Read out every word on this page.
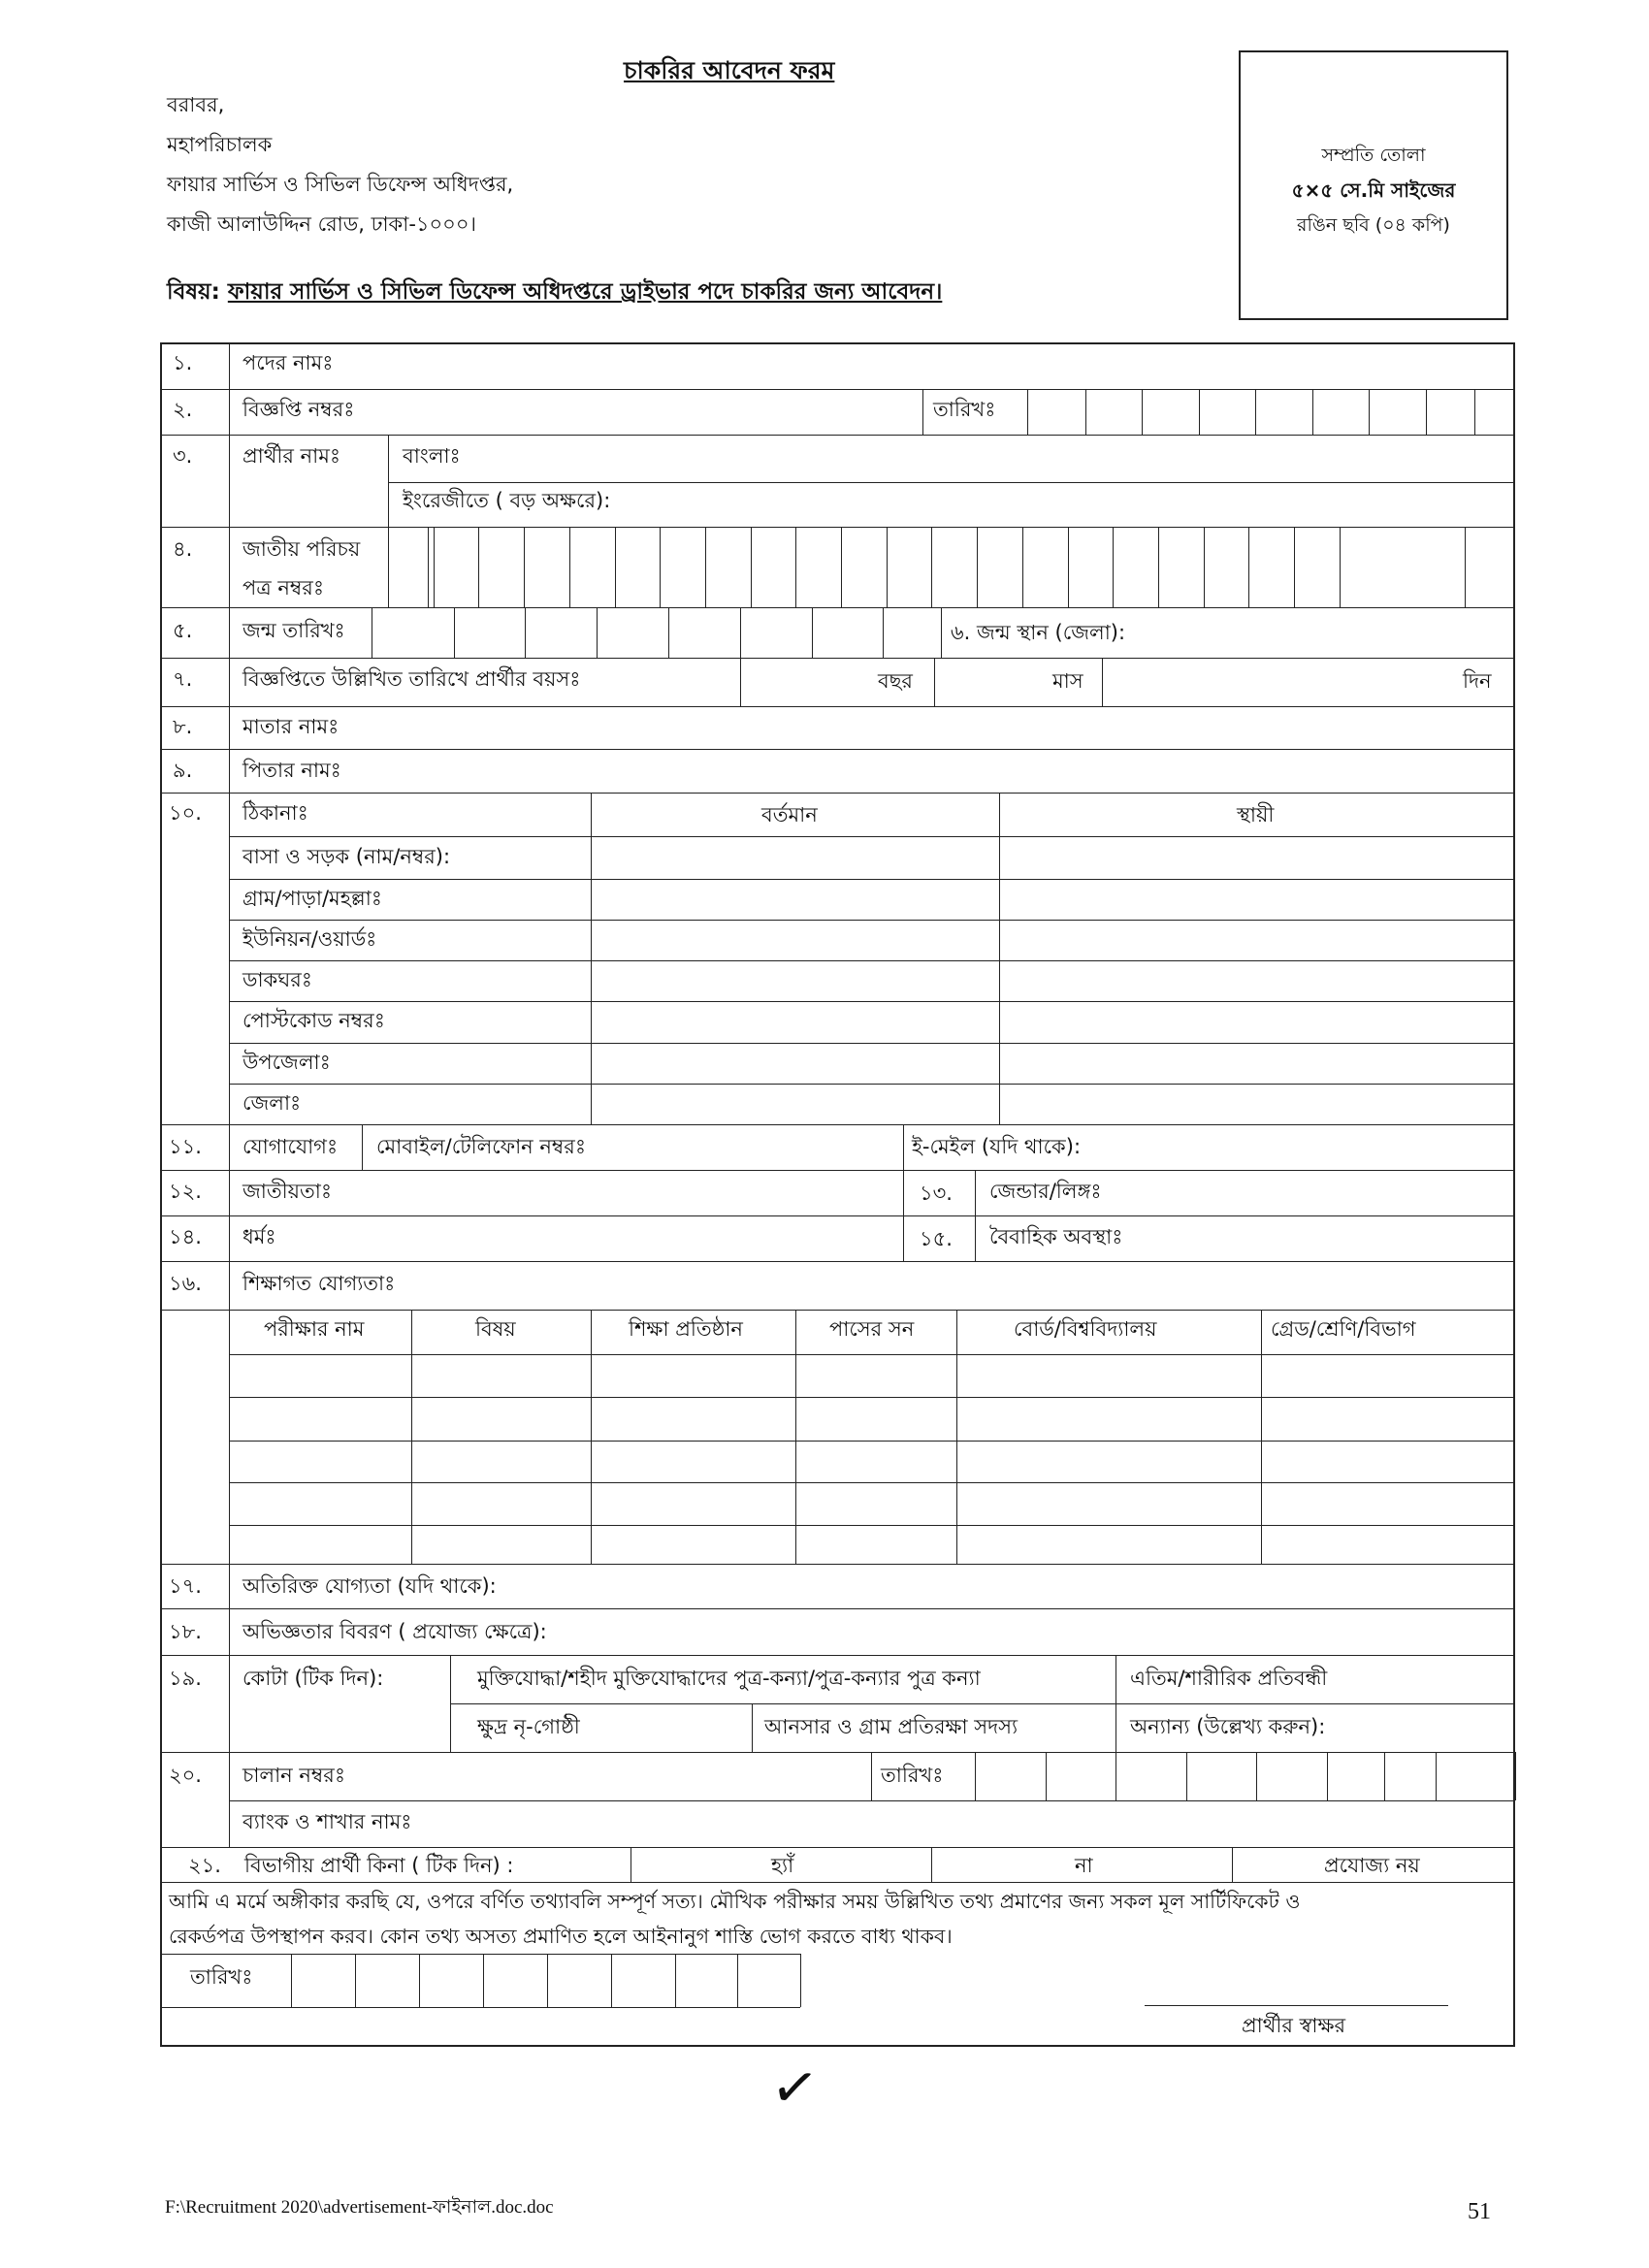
চাকরির আবেদন ফরম
বরাবর,
মহাপরিচালক
ফায়ার সার্ভিস ও সিভিল ডিফেন্স অধিদপ্তর,
কাজী আলাউদ্দিন রোড, ঢাকা-১০০০।
বিষয়: ফায়ার সার্ভিস ও সিভিল ডিফেন্স অধিদপ্তরে ড্রাইভার পদে চাকরির জন্য আবেদন।
সম্প্রতি তোলা
৫×৫ সে.মি সাইজের
রঙিন ছবি (০৪ কপি)
১. পদের নামঃ
২. বিজ্ঞপ্তি নম্বরঃ	তারিখঃ
৩. প্রার্থীর নামঃ	বাংলাঃ
ইংরেজীতে ( বড় অক্ষরে):
৪. জাতীয় পরিচয়
পত্র নম্বরঃ
৫. জন্ম তারিখঃ	৬. জন্ম স্থান (জেলা):
৭. বিজ্ঞপ্তিতে উল্লিখিত তারিখে প্রার্থীর বয়সঃ	বছর	মাস	দিন
৮. মাতার নামঃ
৯. পিতার নামঃ
১০. ঠিকানাঃ	বর্তমান	স্থায়ী
বাসা ও সড়ক (নাম/নম্বর):
গ্রাম/পাড়া/মহল্লাঃ
ইউনিয়ন/ওয়ার্ডঃ
ডাকঘরঃ
পোস্টকোড নম্বরঃ
উপজেলাঃ
জেলাঃ
১১. যোগাযোগঃ মোবাইল/টেলিফোন নম্বরঃ	ই-মেইল (যদি থাকে):
১২. জাতীয়তাঃ	১৩. জেন্ডার/লিঙ্গঃ
১৪. ধর্মঃ	১৫. বৈবাহিক অবস্থাঃ
১৬. শিক্ষাগত যোগ্যতাঃ
পরীক্ষার নাম	বিষয়	শিক্ষা প্রতিষ্ঠান	পাসের সন	বোর্ড/বিশ্ববিদ্যালয়	গ্রেড/শ্রেণি/বিভাগ
১৭. অতিরিক্ত যোগ্যতা (যদি থাকে):
১৮. অভিজ্ঞতার বিবরণ ( প্রযোজ্য ক্ষেত্রে):
১৯. কোটা (টিক দিন):	মুক্তিযোদ্ধা/শহীদ মুক্তিযোদ্ধাদের পুত্র-কন্যা/পুত্র-কন্যার পুত্র কন্যা	এতিম/শারীরিক প্রতিবন্ধী
ক্ষুদ্র নৃ-গোষ্ঠী	আনসার ও গ্রাম প্রতিরক্ষা সদস্য	অন্যান্য (উল্লেখ্য করুন):
২০. চালান নম্বরঃ	তারিখঃ
ব্যাংক ও শাখার নামঃ
২১. বিভাগীয় প্রার্থী কিনা ( টিক দিন) :	হ্যাঁ	না	প্রযোজ্য নয়
আমি এ মর্মে অঙ্গীকার করছি যে, ওপরে বর্ণিত তথ্যাবলি সম্পূর্ণ সত্য। মৌখিক পরীক্ষার সময় উল্লিখিত তথ্য প্রমাণের জন্য সকল মূল সার্টিফিকেট ও
রেকর্ডপত্র উপস্থাপন করব। কোন তথ্য অসত্য প্রমাণিত হলে আইনানুগ শাস্তি ভোগ করতে বাধ্য থাকব।
তারিখঃ
প্রার্থীর স্বাক্ষর
✓
F:\Recruitment 2020\advertisement-ফাইনাল.doc.doc	51
